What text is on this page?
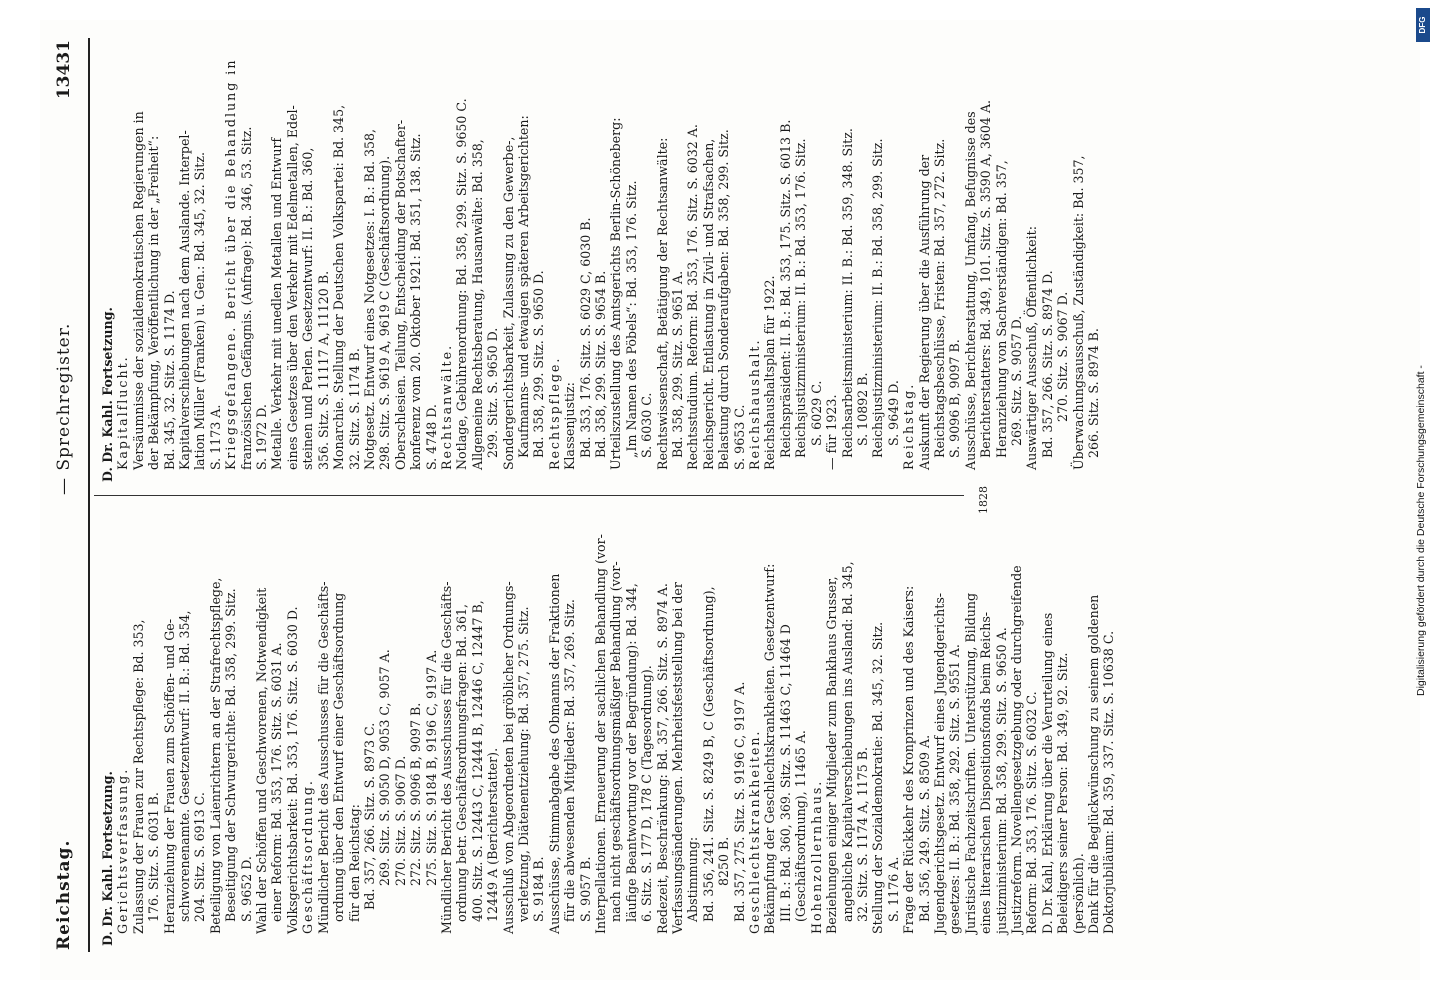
Reichstag.
— Sprechregister.
13431
D. Dr. Kahl. Fortsetzung. Gerichtsverfassung. Zulassung der Frauen zur Rechtspflege: Bd. 353, 176. Sitz. S. 6031 B. Heranziehung der Frauen zum Schöffen- und Ge- schworenenamte. Gesetzentwurf: II. B.: Bd. 354, 204. Sitz. S. 6913 C. Beteiligung von Laienrichtern an der Strafrechtspflege, Beseitigung der Schwurgerichte: Bd. 358, 299. Sitz. S. 9652 D. Wahl der Schöffen und Geschworenen, Notwendigkeit einer Reform: Bd. 353, 176. Sitz. S. 6031 A. Volksgerichtsbarkeit: Bd. 353, 176. Sitz. S. 6030 D. Geschäftsordnung. Mündlicher Bericht des Ausschusses für die Geschäfts- ordnung über den Entwurf einer Geschäftsordnung für den Reichstag: Bd. 357, 266. Sitz. S. 8973 C. 269. Sitz. S. 9050 D, 9053 C, 9057 A. 270. Sitz. S. 9067 D. 272. Sitz. S. 9096 B, 9097 B. 275. Sitz. S. 9184 B, 9196 C, 9197 A. Mündlicher Bericht des Ausschusses für die Geschäfts- ordnung betr. Geschäftsordnungsfragen: Bd. 361, 400. Sitz. S. 12443 C, 12444 B, 12446 C, 12447 B, 12449 A (Berichterstatter). Ausschluß von Abgeordneten bei gröblicher Ordnungs- verletzung, Diätenentziehung: Bd. 357, 275. Sitz. S. 9184 B. Ausschüsse, Stimmabgabe des Obmanns der Fraktionen für die abwesenden Mitglieder: Bd. 357, 269. Sitz. S. 9057 B. Interpellationen. Erneuerung der sachlichen Behandlung (vor- nach nicht geschäftsordnungsmäßiger Behandlung (vor- läufige Beantwortung vor der Begründung): Bd. 344, 6. Sitz. S. 177 D, 178 C (Tagesordnung). Redezeit, Beschränkung: Bd. 357, 266. Sitz. S. 8974 A. Verfassungsänderungen. Mehrheitsfeststellung bei der Abstimmung: Bd. 356, 241. Sitz. S. 8249 B, C (Geschäftsordnung), 8250 B. Bd. 357, 275. Sitz. S. 9196 C, 9197 A. Geschlechtskrankheiten. Bekämpfung der Geschlechtskrankheiten. Gesetzentwurf: III. B.: Bd. 360, 369. Sitz. S. 11463 C, 11464 D (Geschäftsordnung), 11465 A. Hohenzollernhaus. Beziehungen einiger Mitglieder zum Bankhaus Grusser, angebliche Kapitalverschiebungen ins Ausland: Bd. 345, 32. Sitz. S. 1174 A, 1175 B. Stellung der Sozialdemokratie: Bd. 345, 32. Sitz. S. 1176 A. Frage der Rückkehr des Kronprinzen und des Kaisers: Bd. 356, 249. Sitz. S. 8509 A. Jugendgerichtsgesetz. Entwurf eines Jugendgerichts- gesetzes: II. B.: Bd. 358, 292. Sitz. S. 9551 A. Juristische Fachzeitschriften. Unterstützung, Bildung eines literarischen Dispositionsfonds beim Reichs- justizministerium: Bd. 358, 299. Sitz. S. 9650 A. Justizreform. Novellengesetzgebung oder durchgreifende Reform: Bd. 353, 176. Sitz. S. 6032 C. D. Dr. Kahl, Erklärung über die Verurteilung eines Beleidigers seiner Person: Bd. 349, 92. Sitz. (persönlich). Dank für die Beglückwünschung zu seinem goldenen Doktorjubiläum: Bd. 359, 337. Sitz. S. 10638 C.
D. Dr. Kahl. Fortsetzung. Kapitalflucht. Versäumnisse der sozialdemokratischen Regierungen in der Bekämpfung, Veröffentlichung in der „Freiheit“: Bd. 345, 32. Sitz. S. 1174 D. Kapitalverschiebungen nach dem Auslande. Interpel- lation Müller (Franken) u. Gen.: Bd. 345, 32. Sitz. S. 1173 A. Kriegsgefangene. Bericht über die Behandlung in französischen Gefängnis. (Anfrage): Bd. 346, 53. Sitz. S. 1972 D. Metalle. Verkehr mit unedlen Metallen und Entwurf eines Gesetzes über den Verkehr mit Edelmetallen, Edel- steinen und Perlen. Gesetzentwurf: II. B.: Bd. 360, 356. Sitz. S. 11117 A, 11120 B. Monarchie. Stellung der Deutschen Volkspartei: Bd. 345, 32. Sitz. S. 1174 B. Notgesetz. Entwurf eines Notgesetzes: I. B.: Bd. 358, 298. Sitz. S. 9619 A, 9619 C (Geschäftsordnung). Oberschlesien. Teilung, Entscheidung der Botschafter- konferenz vom 20. Oktober 1921: Bd. 351, 138. Sitz. S. 4748 D. Rechtsanwälte. Notlage, Gebührenordnung: Bd. 358, 299. Sitz. S. 9650 C. Allgemeine Rechtsberatung, Hausanwälte: Bd. 358, 299. Sitz. S. 9650 D. Sondergerichtsbarkeit, Zulassung zu den Gewerbe-, Kaufmanns- und etwaigen späteren Arbeitsgerichten: Bd. 358, 299. Sitz. S. 9650 D. Rechtspflege. Klassenjustiz: Bd. 353, 176. Sitz. S. 6029 C, 6030 B. Bd. 358, 299. Sitz. S. 9654 B. Urteilszustellung des Amtsgerichts Berlin-Schöneberg: „Im Namen des Pöbels“: Bd. 353, 176. Sitz. S. 6030 C. Rechtswissenschaft, Betätigung der Rechtsanwälte: Bd. 358, 299. Sitz. S. 9651 A. Rechtsstudium. Reform: Bd. 353, 176. Sitz. S. 6032 A. Reichsgericht. Entlastung in Zivil- und Strafsachen, Belastung durch Sonderaufgaben: Bd. 358, 299. Sitz. S. 9653 C. Reichshaushalt. Reichshaushaltsplan für 1922. Reichspräsident: II. B.: Bd. 353, 175. Sitz. S. 6013 B. Reichsjustizministerium: II. B.: Bd. 353, 176. Sitz. S. 6029 C. — für 1923. Reichsarbeitsministerium: II. B.: Bd. 359, 348. Sitz. S. 10892 B. Reichsjustizministerium: II. B.: Bd. 358, 299. Sitz. S. 9649 D. Reichstag. Auskunft der Regierung über die Ausführung der Reichstagsbeschlüsse, Fristen: Bd. 357, 272. Sitz. S. 9096 B, 9097 B. Ausschüsse, Berichterstattung, Umfang, Befugnisse des Berichterstatters: Bd. 349, 101. Sitz. S. 3590 A, 3604 A. Heranziehung von Sachverständigen: Bd. 357, 269. Sitz. S. 9057 D. Auswärtiger Ausschuß, Öffentlichkeit: Bd. 357, 266. Sitz. S. 8974 D. 270. Sitz. S. 9067 D. Überwachungsausschuß, Zuständigkeit: Bd. 357, 266. Sitz. S. 8974 B.
1828	Digitalisierung gefördert durch die Deutsche Forschungsgemeinschaft -
DFG
